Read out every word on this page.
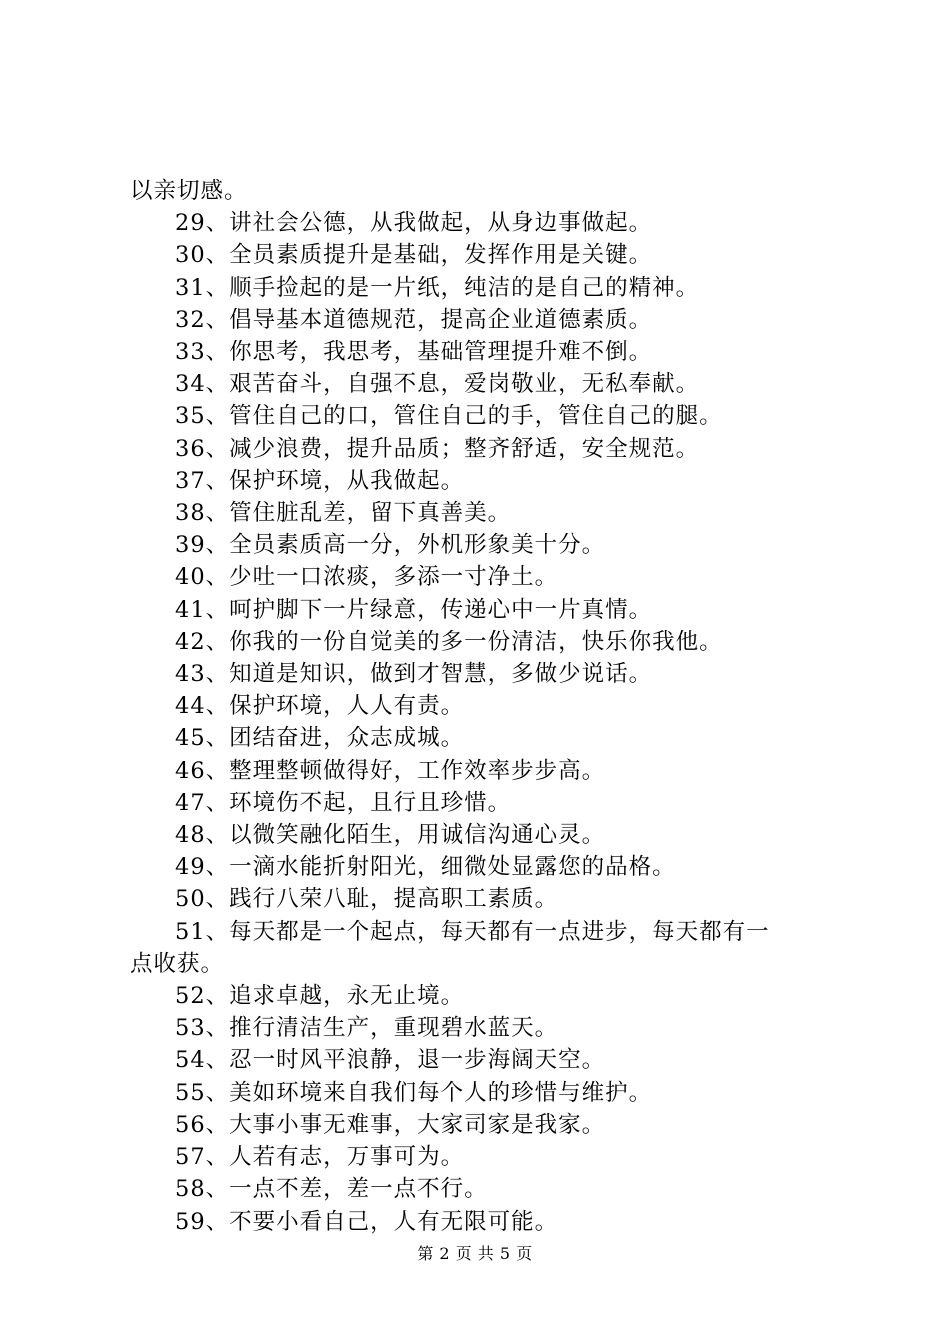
以亲切感。

29、讲社会公德，从我做起，从身边事做起。

30、全员素质提升是基础，发挥作用是关键。

31、顺手捡起的是一片纸，纯洁的是自己的精神。

32、倡导基本道德规范，提高企业道德素质。

33、你思考，我思考，基础管理提升难不倒。

34、艰苦奋斗，自强不息，爱岗敬业，无私奉献。

35、管住自己的口，管住自己的手，管住自己的腿。

36、减少浪费，提升品质；整齐舒适，安全规范。

37、保护环境，从我做起。

38、管住脏乱差，留下真善美。

39、全员素质高一分，外机形象美十分。

40、少吐一口浓痰，多添一寸净土。

41、呵护脚下一片绿意，传递心中一片真情。

42、你我的一份自觉美的多一份清洁，快乐你我他。

43、知道是知识，做到才智慧，多做少说话。

44、保护环境，人人有责。

45、团结奋进，众志成城。

46、整理整顿做得好，工作效率步步高。

47、环境伤不起，且行且珍惜。

48、以微笑融化陌生，用诚信沟通心灵。

49、一滴水能折射阳光，细微处显露您的品格。

50、践行八荣八耻，提高职工素质。

51、每天都是一个起点，每天都有一点进步，每天都有一

点收获。

52、追求卓越，永无止境。

53、推行清洁生产，重现碧水蓝天。

54、忍一时风平浪静，退一步海阔天空。

55、美如环境来自我们每个人的珍惜与维护。

56、大事小事无难事，大家司家是我家。

57、人若有志，万事可为。

58、一点不差，差一点不行。

59、不要小看自己，人有无限可能。

第 2 页 共 5 页
